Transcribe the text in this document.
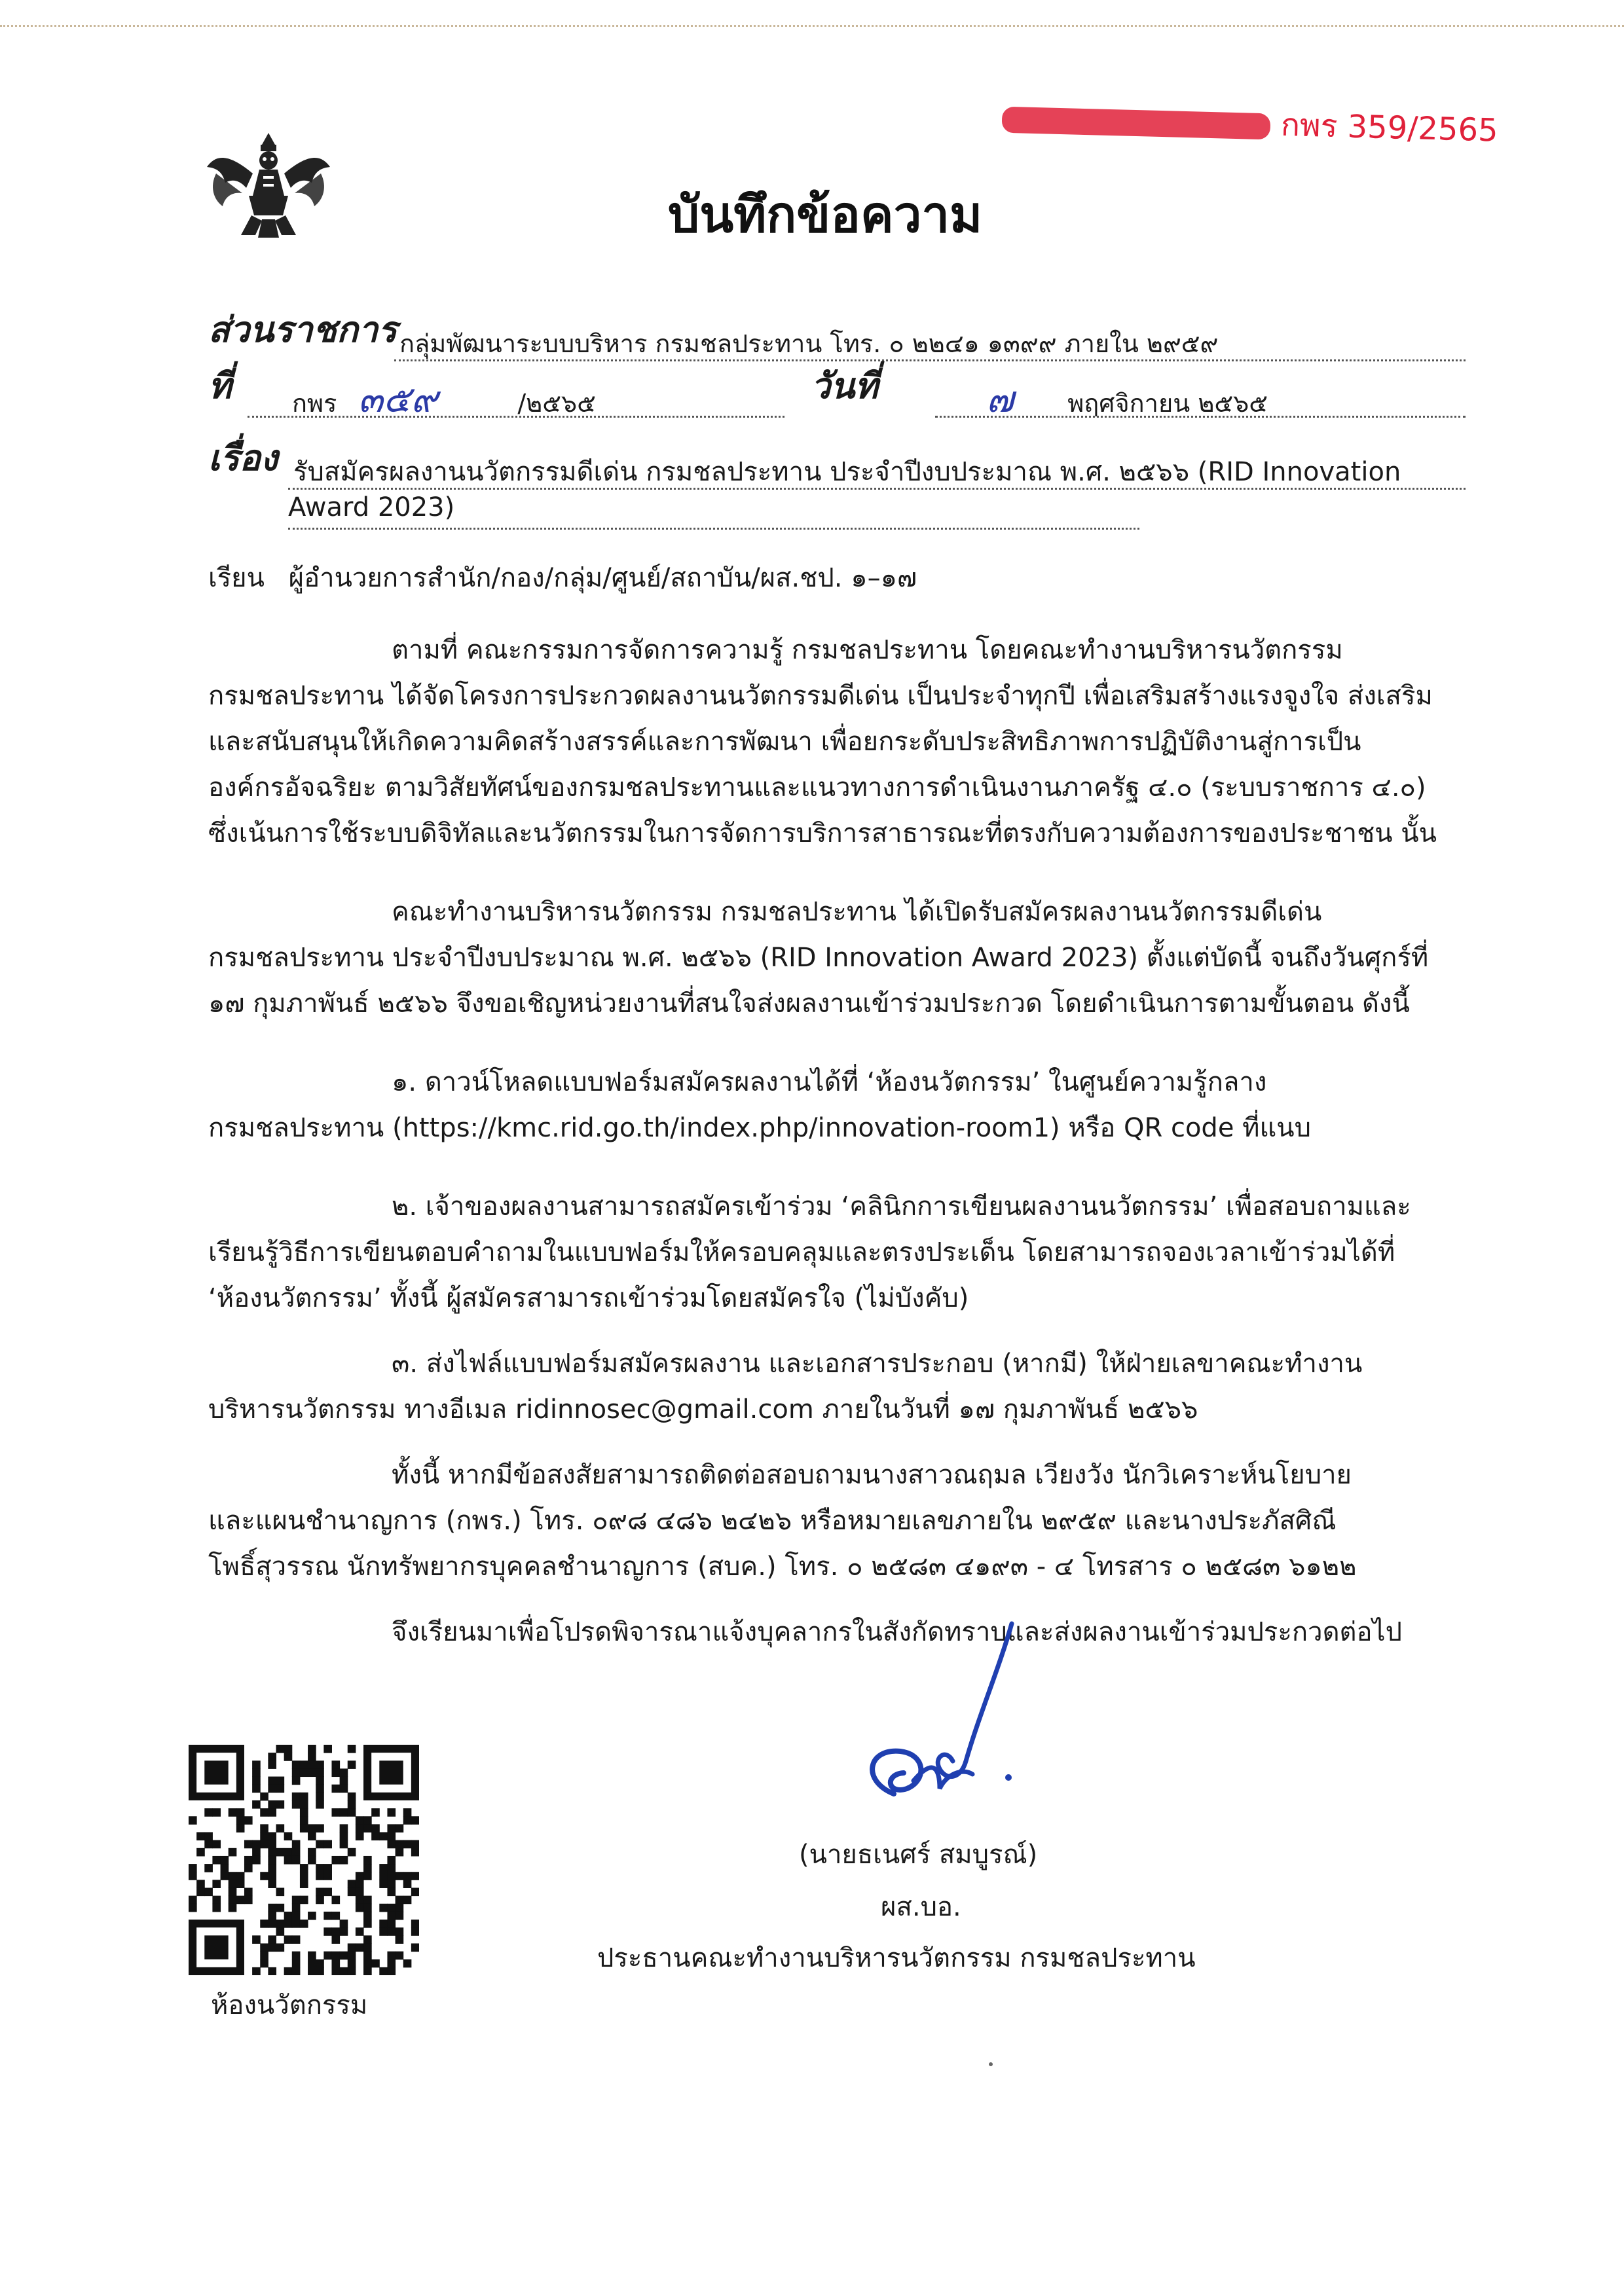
กพร 359/2565
บันทึกข้อความ
ส่วนราชการ กลุ่มพัฒนาระบบบริหาร กรมชลประทาน โทร. ๐ ๒๒๔๑ ๑๓๙๙ ภายใน ๒๙๕๙
ที่	กพร ๓๕๙	/๒๕๖๕	วันที่	๗ พฤศจิกายน ๒๕๖๕
เรื่อง รับสมัครผลงานนวัตกรรมดีเด่น กรมชลประทาน ประจำปีงบประมาณ พ.ศ. ๒๕๖๖ (RID Innovation
Award 2023)
เรียน ผู้อำนวยการสำนัก/กอง/กลุ่ม/ศูนย์/สถาบัน/ผส.ชป. ๑–๑๗
ตามที่ คณะกรรมการจัดการความรู้ กรมชลประทาน โดยคณะทำงานบริหารนวัตกรรม
กรมชลประทาน ได้จัดโครงการประกวดผลงานนวัตกรรมดีเด่น เป็นประจำทุกปี เพื่อเสริมสร้างแรงจูงใจ ส่งเสริม
และสนับสนุนให้เกิดความคิดสร้างสรรค์และการพัฒนา เพื่อยกระดับประสิทธิภาพการปฏิบัติงานสู่การเป็น
องค์กรอัจฉริยะ ตามวิสัยทัศน์ของกรมชลประทานและแนวทางการดำเนินงานภาครัฐ ๔.๐ (ระบบราชการ ๔.๐)
ซึ่งเน้นการใช้ระบบดิจิทัลและนวัตกรรมในการจัดการบริการสาธารณะที่ตรงกับความต้องการของประชาชน นั้น
คณะทำงานบริหารนวัตกรรม กรมชลประทาน ได้เปิดรับสมัครผลงานนวัตกรรมดีเด่น
กรมชลประทาน ประจำปีงบประมาณ พ.ศ. ๒๕๖๖ (RID Innovation Award 2023) ตั้งแต่บัดนี้ จนถึงวันศุกร์ที่
๑๗ กุมภาพันธ์ ๒๕๖๖ จึงขอเชิญหน่วยงานที่สนใจส่งผลงานเข้าร่วมประกวด โดยดำเนินการตามขั้นตอน ดังนี้
๑. ดาวน์โหลดแบบฟอร์มสมัครผลงานได้ที่ ‘ห้องนวัตกรรม’ ในศูนย์ความรู้กลาง
กรมชลประทาน (https://kmc.rid.go.th/index.php/innovation-room1) หรือ QR code ที่แนบ
๒. เจ้าของผลงานสามารถสมัครเข้าร่วม ‘คลินิกการเขียนผลงานนวัตกรรม’ เพื่อสอบถามและ
เรียนรู้วิธีการเขียนตอบคำถามในแบบฟอร์มให้ครอบคลุมและตรงประเด็น โดยสามารถจองเวลาเข้าร่วมได้ที่
‘ห้องนวัตกรรม’ ทั้งนี้ ผู้สมัครสามารถเข้าร่วมโดยสมัครใจ (ไม่บังคับ)
๓. ส่งไฟล์แบบฟอร์มสมัครผลงาน และเอกสารประกอบ (หากมี) ให้ฝ่ายเลขาคณะทำงาน
บริหารนวัตกรรม ทางอีเมล ridinnosec@gmail.com ภายในวันที่ ๑๗ กุมภาพันธ์ ๒๕๖๖
ทั้งนี้ หากมีข้อสงสัยสามารถติดต่อสอบถามนางสาวณฤมล เวียงวัง นักวิเคราะห์นโยบาย
และแผนชำนาญการ (กพร.) โทร. ๐๙๘ ๔๘๖ ๒๔๒๖ หรือหมายเลขภายใน ๒๙๕๙ และนางประภัสศิณี
โพธิ์สุวรรณ นักทรัพยากรบุคคลชำนาญการ (สบค.) โทร. ๐ ๒๕๘๓ ๔๑๙๓ - ๔ โทรสาร ๐ ๒๕๘๓ ๖๑๒๒
จึงเรียนมาเพื่อโปรดพิจารณาแจ้งบุคลากรในสังกัดทราบและส่งผลงานเข้าร่วมประกวดต่อไป
ห้องนวัตกรรม
(นายธเนศร์ สมบูรณ์)
ผส.บอ.
ประธานคณะทำงานบริหารนวัตกรรม กรมชลประทาน
